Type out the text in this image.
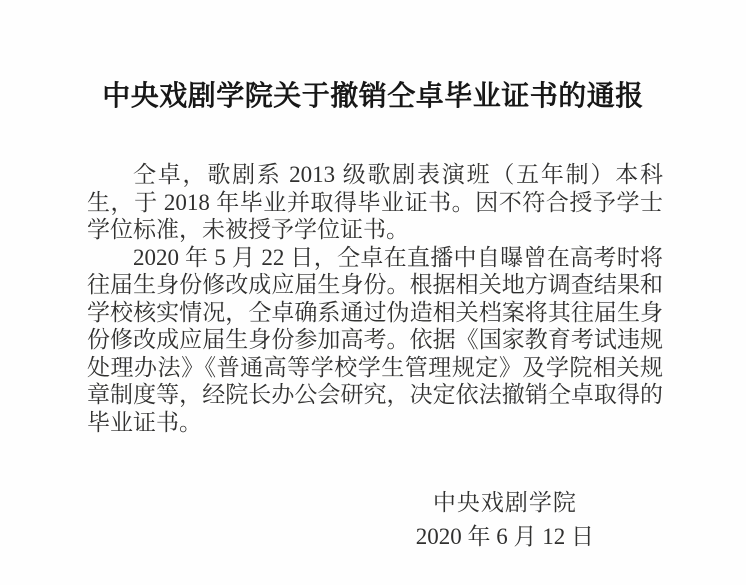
中央戏剧学院关于撤销仝卓毕业证书的通报

仝卓，歌剧系 2013 级歌剧表演班（五年制）本科生，于 2018 年毕业并取得毕业证书。因不符合授予学士学位标准，未被授予学位证书。

2020 年 5 月 22 日，仝卓在直播中自曝曾在高考时将往届生身份修改成应届生身份。根据相关地方调查结果和学校核实情况，仝卓确系通过伪造相关档案将其往届生身份修改成应届生身份参加高考。依据《国家教育考试违规处理办法》《普通高等学校学生管理规定》及学院相关规章制度等，经院长办公会研究，决定依法撤销仝卓取得的毕业证书。

中央戏剧学院
2020 年 6 月 12 日
